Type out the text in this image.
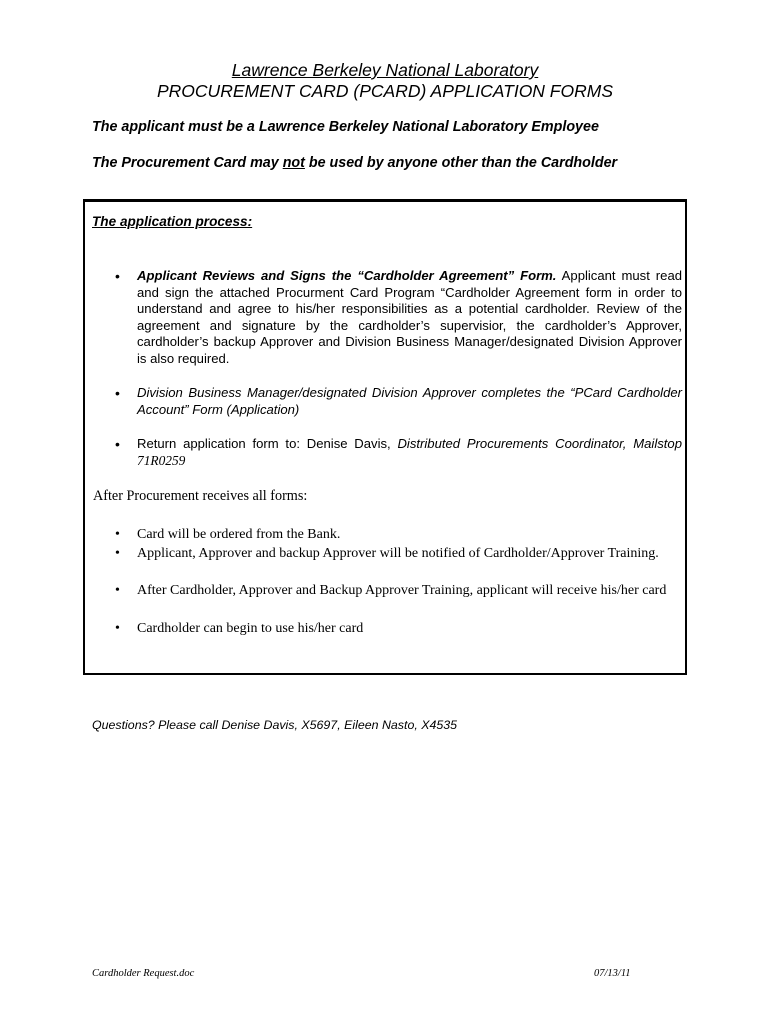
Lawrence Berkeley National Laboratory
PROCUREMENT CARD (PCARD) APPLICATION FORMS
The applicant must be a Lawrence Berkeley National Laboratory Employee
The Procurement Card may not be used by anyone other than the Cardholder
The application process:
•	Applicant Reviews and Signs the “Cardholder Agreement” Form. Applicant must read and sign the attached Procurment Card Program “Cardholder Agreement form in order to understand and agree to his/her responsibilities as a potential cardholder. Review of the agreement and signature by the cardholder’s supervisior, the cardholder’s Approver, cardholder’s backup Approver and Division Business Manager/designated Division Approver is also required.
•	Division Business Manager/designated Division Approver completes the “PCard Cardholder Account” Form (Application)
•	Return application form to: Denise Davis, Distributed Procurements Coordinator, Mailstop 71R0259
After Procurement receives all forms:
• Card will be ordered from the Bank.
• Applicant, Approver and backup Approver will be notified of Cardholder/Approver Training.
• After Cardholder, Approver and Backup Approver Training, applicant will receive his/her card
• Cardholder can begin to use his/her card
Questions? Please call Denise Davis, X5697, Eileen Nasto, X4535
Cardholder Request.doc	07/13/11
